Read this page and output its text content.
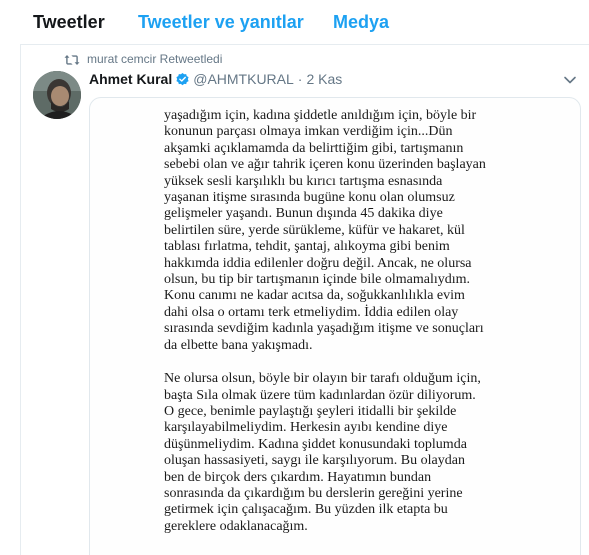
Tweetler Tweetler ve yanıtlar Medya
murat cemcir Retweetledi
Ahmet Kural @AHMTKURAL · 2 Kas
yaşadığım için, kadına şiddetle anıldığım için, böyle bir
konunun parçası olmaya imkan verdiğim için...Dün
akşamki açıklamamda da belirttiğim gibi, tartışmanın
sebebi olan ve ağır tahrik içeren konu üzerinden başlayan
yüksek sesli karşılıklı bu kırıcı tartışma esnasında
yaşanan itişme sırasında bugüne konu olan olumsuz
gelişmeler yaşandı. Bunun dışında 45 dakika diye
belirtilen süre, yerde sürükleme, küfür ve hakaret, kül
tablası fırlatma, tehdit, şantaj, alıkoyma gibi benim
hakkımda iddia edilenler doğru değil. Ancak, ne olursa
olsun, bu tip bir tartışmanın içinde bile olmamalıydım.
Konu canımı ne kadar acıtsa da, soğukkanlılıkla evim
dahi olsa o ortamı terk etmeliydim. İddia edilen olay
sırasında sevdiğim kadınla yaşadığım itişme ve sonuçları
da elbette bana yakışmadı.
Ne olursa olsun, böyle bir olayın bir tarafı olduğum için,
başta Sıla olmak üzere tüm kadınlardan özür diliyorum.
O gece, benimle paylaştığı şeyleri itidalli bir şekilde
karşılayabilmeliydim. Herkesin ayıbı kendine diye
düşünmeliydim. Kadına şiddet konusundaki toplumda
oluşan hassasiyeti, saygı ile karşılıyorum. Bu olaydan
ben de birçok ders çıkardım. Hayatımın bundan
sonrasında da çıkardığım bu derslerin gereğini yerine
getirmek için çalışacağım. Bu yüzden ilk etapta bu
gereklere odaklanacağım.
